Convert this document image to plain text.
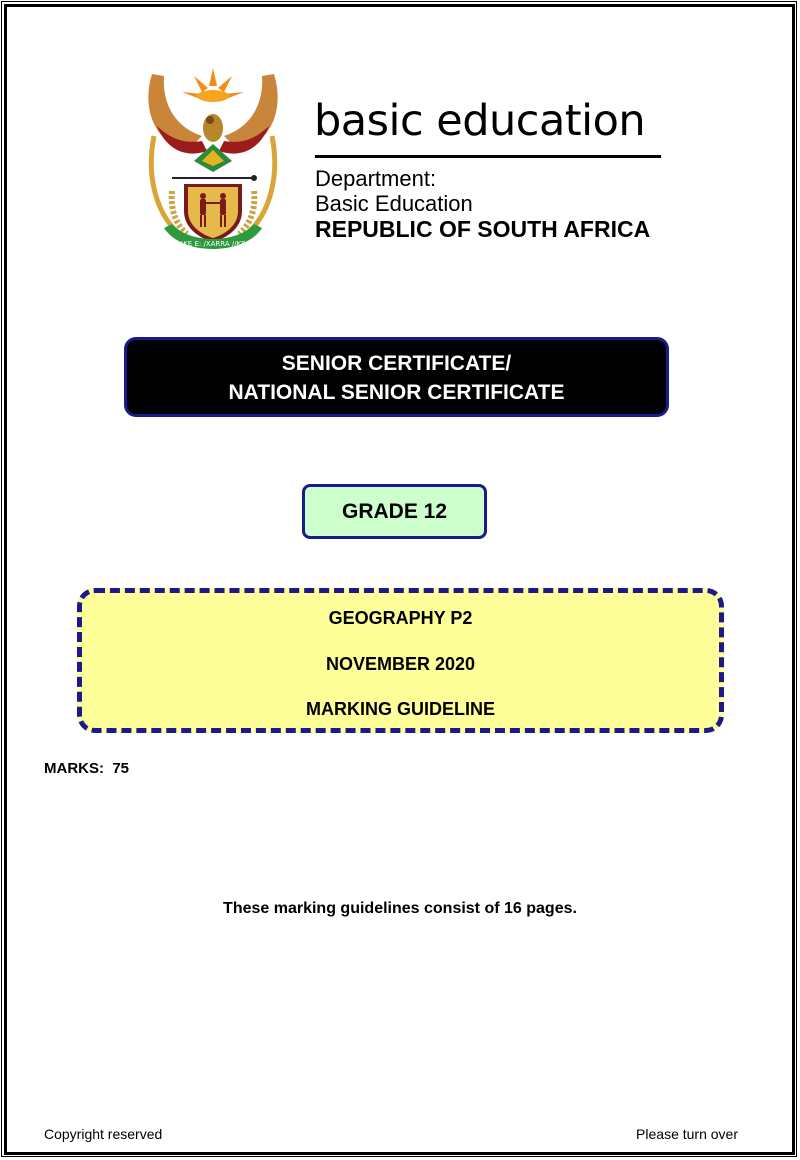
!KE E: /XARRA //KE
basic education
Department:
Basic Education
REPUBLIC OF SOUTH AFRICA
SENIOR CERTIFICATE/
NATIONAL SENIOR CERTIFICATE
GRADE 12
GEOGRAPHY P2
NOVEMBER 2020
MARKING GUIDELINE
MARKS:  75
These marking guidelines consist of 16 pages.
Copyright reserved	Please turn over
